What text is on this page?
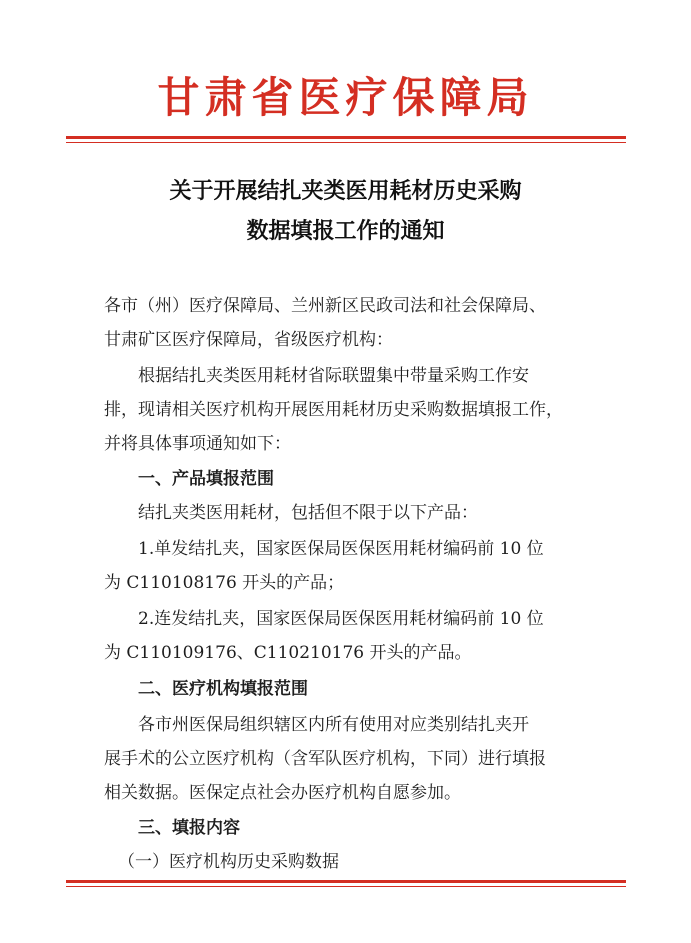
甘肃省医疗保障局
关于开展结扎夹类医用耗材历史采购
数据填报工作的通知
各市（州）医疗保障局、兰州新区民政司法和社会保障局、
甘肃矿区医疗保障局，省级医疗机构：
根据结扎夹类医用耗材省际联盟集中带量采购工作安
排，现请相关医疗机构开展医用耗材历史采购数据填报工作，
并将具体事项通知如下：
一、产品填报范围
结扎夹类医用耗材，包括但不限于以下产品：
1.单发结扎夹，国家医保局医保医用耗材编码前 10 位
为 C110108176 开头的产品；
2.连发结扎夹，国家医保局医保医用耗材编码前 10 位
为 C110109176、C110210176 开头的产品。
二、医疗机构填报范围
各市州医保局组织辖区内所有使用对应类别结扎夹开
展手术的公立医疗机构（含军队医疗机构，下同）进行填报
相关数据。医保定点社会办医疗机构自愿参加。
三、填报内容
（一）医疗机构历史采购数据
